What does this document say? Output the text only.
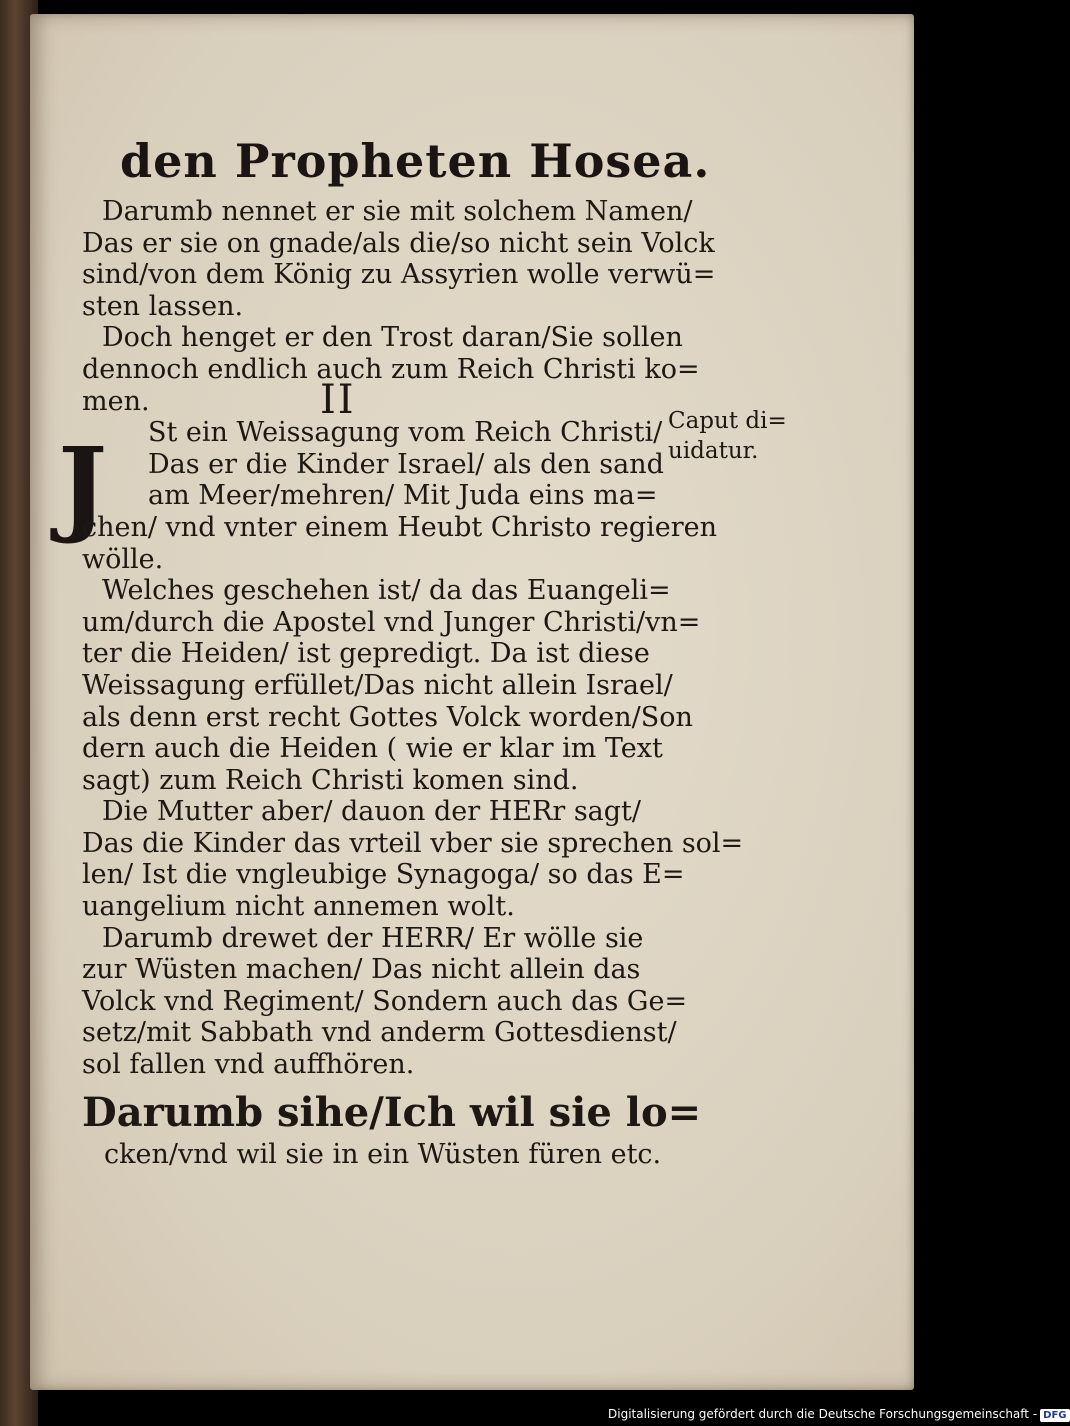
den Propheten Hosea.
J
Darumb nennet er sie mit solchem Namen/
Das er sie on gnade/als die/so nicht sein Volck
sind/von dem König zu Assyrien wolle verwü=
sten lassen.
Doch henget er den Trost daran/Sie sollen
dennoch endlich auch zum Reich Christi ko=
men.	II
St ein Weissagung vom Reich Christi/
Das er die Kinder Israel/ als den sand
am Meer/mehren/ Mit Juda eins ma=
chen/ vnd vnter einem Heubt Christo regieren
wölle.
Welches geschehen ist/ da das Euangeli=
um/durch die Apostel vnd Junger Christi/vn=
ter die Heiden/ ist gepredigt. Da ist diese
Weissagung erfüllet/Das nicht allein Israel/
als denn erst recht Gottes Volck worden/Son
dern auch die Heiden ( wie er klar im Text
sagt) zum Reich Christi komen sind.
Die Mutter aber/ dauon der HERr sagt/
Das die Kinder das vrteil vber sie sprechen sol=
len/ Ist die vngleubige Synagoga/ so das E=
uangelium nicht annemen wolt.
Darumb drewet der HERR/ Er wölle sie
zur Wüsten machen/ Das nicht allein das
Volck vnd Regiment/ Sondern auch das Ge=
setz/mit Sabbath vnd anderm Gottesdienst/
sol fallen vnd auffhören.
Darumb sihe/Ich wil sie lo=
cken/vnd wil sie in ein Wüsten füren etc.
Caput di=
uidatur.
Digitalisierung gefördert durch die Deutsche Forschungsgemeinschaft - DFG
